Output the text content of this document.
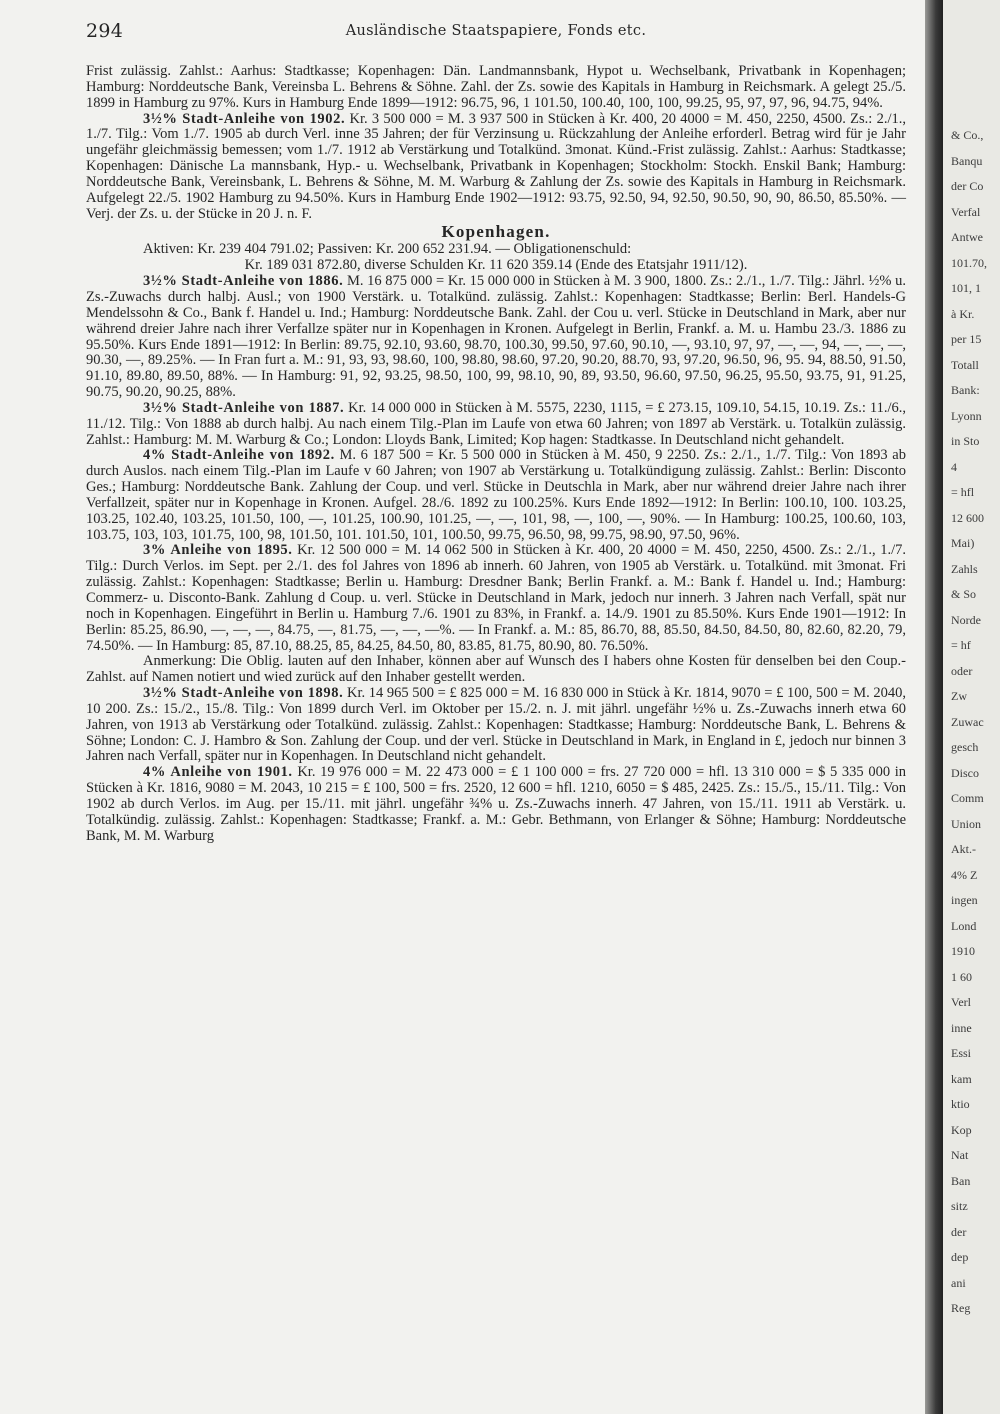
294	Ausländische Staatspapiere, Fonds etc.

Frist zulässig. Zahlst.: Aarhus: Stadtkasse; Kopenhagen: Dän. Landmannsbank, Hypot u. Wechselbank, Privatbank in Kopenhagen; Hamburg: Norddeutsche Bank, Vereinsba L. Behrens & Söhne. Zahl. der Zs. sowie des Kapitals in Hamburg in Reichsmark. A gelegt 25./5. 1899 in Hamburg zu 97%. Kurs in Hamburg Ende 1899—1912: 96.75, 96, 1 101.50, 100.40, 100, 100, 99.25, 95, 97, 97, 96, 94.75, 94%.

3½% Stadt-Anleihe von 1902. Kr. 3 500 000 = M. 3 937 500 in Stücken à Kr. 400, 20 4000 = M. 450, 2250, 4500. Zs.: 2./1., 1./7. Tilg.: Vom 1./7. 1905 ab durch Verl. inne 35 Jahren; der für Verzinsung u. Rückzahlung der Anleihe erforderl. Betrag wird für je Jahr ungefähr gleichmässig bemessen; vom 1./7. 1912 ab Verstärkung und Totalkünd. 3monat. Künd.-Frist zulässig. Zahlst.: Aarhus: Stadtkasse; Kopenhagen: Dänische La mannsbank, Hyp.- u. Wechselbank, Privatbank in Kopenhagen; Stockholm: Stockh. Enskil Bank; Hamburg: Norddeutsche Bank, Vereinsbank, L. Behrens & Söhne, M. M. Warburg & Zahlung der Zs. sowie des Kapitals in Hamburg in Reichsmark. Aufgelegt 22./5. 1902 Hamburg zu 94.50%. Kurs in Hamburg Ende 1902—1912: 93.75, 92.50, 94, 92.50, 90.50, 90, 90, 86.50, 85.50%. — Verj. der Zs. u. der Stücke in 20 J. n. F.

Kopenhagen.

Aktiven: Kr. 239 404 791.02; Passiven: Kr. 200 652 231.94. — Obligationenschuld:
Kr. 189 031 872.80, diverse Schulden Kr. 11 620 359.14 (Ende des Etatsjahr 1911/12).

3½% Stadt-Anleihe von 1886. M. 16 875 000 = Kr. 15 000 000 in Stücken à M. 3 900, 1800. Zs.: 2./1., 1./7. Tilg.: Jährl. ½% u. Zs.-Zuwachs durch halbj. Ausl.; von 1900 Verstärk. u. Totalkünd. zulässig. Zahlst.: Kopenhagen: Stadtkasse; Berlin: Berl. Handels-G Mendelssohn & Co., Bank f. Handel u. Ind.; Hamburg: Norddeutsche Bank. Zahl. der Cou u. verl. Stücke in Deutschland in Mark, aber nur während dreier Jahre nach ihrer Verfallze später nur in Kopenhagen in Kronen. Aufgelegt in Berlin, Frankf. a. M. u. Hambu 23./3. 1886 zu 95.50%. Kurs Ende 1891—1912: In Berlin: 89.75, 92.10, 93.60, 98.70, 100.30, 99.50, 97.60, 90.10, —, 93.10, 97, 97, —, —, 94, —, —, —, 90.30, —, 89.25%. — In Fran furt a. M.: 91, 93, 93, 98.60, 100, 98.80, 98.60, 97.20, 90.20, 88.70, 93, 97.20, 96.50, 96, 95. 94, 88.50, 91.50, 91.10, 89.80, 89.50, 88%. — In Hamburg: 91, 92, 93.25, 98.50, 100, 99, 98.10, 90, 89, 93.50, 96.60, 97.50, 96.25, 95.50, 93.75, 91, 91.25, 90.75, 90.20, 90.25, 88%.

3½% Stadt-Anleihe von 1887. Kr. 14 000 000 in Stücken à M. 5575, 2230, 1115, = £ 273.15, 109.10, 54.15, 10.19. Zs.: 11./6., 11./12. Tilg.: Von 1888 ab durch halbj. Au nach einem Tilg.-Plan im Laufe von etwa 60 Jahren; von 1897 ab Verstärk. u. Totalkün zulässig. Zahlst.: Hamburg: M. M. Warburg & Co.; London: Lloyds Bank, Limited; Kop hagen: Stadtkasse. In Deutschland nicht gehandelt.

4% Stadt-Anleihe von 1892. M. 6 187 500 = Kr. 5 500 000 in Stücken à M. 450, 9 2250. Zs.: 2./1., 1./7. Tilg.: Von 1893 ab durch Auslos. nach einem Tilg.-Plan im Laufe v 60 Jahren; von 1907 ab Verstärkung u. Totalkündigung zulässig. Zahlst.: Berlin: Disconto Ges.; Hamburg: Norddeutsche Bank. Zahlung der Coup. und verl. Stücke in Deutschla in Mark, aber nur während dreier Jahre nach ihrer Verfallzeit, später nur in Kopenhage in Kronen. Aufgel. 28./6. 1892 zu 100.25%. Kurs Ende 1892—1912: In Berlin: 100.10, 100. 103.25, 103.25, 102.40, 103.25, 101.50, 100, —, 101.25, 100.90, 101.25, —, —, 101, 98, —, 100, —, 90%. — In Hamburg: 100.25, 100.60, 103, 103.75, 103, 103, 101.75, 100, 98, 101.50, 101. 101.50, 101, 100.50, 99.75, 96.50, 98, 99.75, 98.90, 97.50, 96%.

3% Anleihe von 1895. Kr. 12 500 000 = M. 14 062 500 in Stücken à Kr. 400, 20 4000 = M. 450, 2250, 4500. Zs.: 2./1., 1./7. Tilg.: Durch Verlos. im Sept. per 2./1. des fol Jahres von 1896 ab innerh. 60 Jahren, von 1905 ab Verstärk. u. Totalkünd. mit 3monat. Fri zulässig. Zahlst.: Kopenhagen: Stadtkasse; Berlin u. Hamburg: Dresdner Bank; Berlin Frankf. a. M.: Bank f. Handel u. Ind.; Hamburg: Commerz- u. Disconto-Bank. Zahlung d Coup. u. verl. Stücke in Deutschland in Mark, jedoch nur innerh. 3 Jahren nach Verfall, spät nur noch in Kopenhagen. Eingeführt in Berlin u. Hamburg 7./6. 1901 zu 83%, in Frankf. a. 14./9. 1901 zu 85.50%. Kurs Ende 1901—1912: In Berlin: 85.25, 86.90, —, —, —, 84.75, —, 81.75, —, —, —%. — In Frankf. a. M.: 85, 86.70, 88, 85.50, 84.50, 84.50, 80, 82.60, 82.20, 79, 74.50%. — In Hamburg: 85, 87.10, 88.25, 85, 84.25, 84.50, 80, 83.85, 81.75, 80.90, 80. 76.50%.

Anmerkung: Die Oblig. lauten auf den Inhaber, können aber auf Wunsch des I habers ohne Kosten für denselben bei den Coup.-Zahlst. auf Namen notiert und wied zurück auf den Inhaber gestellt werden.

3½% Stadt-Anleihe von 1898. Kr. 14 965 500 = £ 825 000 = M. 16 830 000 in Stück à Kr. 1814, 9070 = £ 100, 500 = M. 2040, 10 200. Zs.: 15./2., 15./8. Tilg.: Von 1899 durch Verl. im Oktober per 15./2. n. J. mit jährl. ungefähr ½% u. Zs.-Zuwachs innerh etwa 60 Jahren, von 1913 ab Verstärkung oder Totalkünd. zulässig. Zahlst.: Kopenhagen: Stadtkasse; Hamburg: Norddeutsche Bank, L. Behrens & Söhne; London: C. J. Hambro & Son. Zahlung der Coup. und der verl. Stücke in Deutschland in Mark, in England in £, jedoch nur binnen 3 Jahren nach Verfall, später nur in Kopenhagen. In Deutschland nicht gehandelt.

4% Anleihe von 1901. Kr. 19 976 000 = M. 22 473 000 = £ 1 100 000 = frs. 27 720 000 = hfl. 13 310 000 = $ 5 335 000 in Stücken à Kr. 1816, 9080 = M. 2043, 10 215 = £ 100, 500 = frs. 2520, 12 600 = hfl. 1210, 6050 = $ 485, 2425. Zs.: 15./5., 15./11. Tilg.: Von 1902 ab durch Verlos. im Aug. per 15./11. mit jährl. ungefähr ¾% u. Zs.-Zuwachs innerh. 47 Jahren, von 15./11. 1911 ab Verstärk. u. Totalkündig. zulässig. Zahlst.: Kopenhagen: Stadtkasse; Frankf. a. M.: Gebr. Bethmann, von Erlanger & Söhne; Hamburg: Norddeutsche Bank, M. M. Warburg

& Co.,
Banqu
der Co
Verfal
Antwe
101.70,
101, 1
à Kr.
per 15
Totall
Bank:
Lyonn
in Sto
4
= hfl
12 600
Mai)
Zahls
& So
Norde
= hf
oder
Zw
Zuwac
gesch
Disco
Comm
Union
Akt.-
4% Z
ingen
Lond
1910
1 60
Verl
inne
Essi
kam
ktio
Kop
Nat
Ban
sitz
der
dep
ani
Reg
